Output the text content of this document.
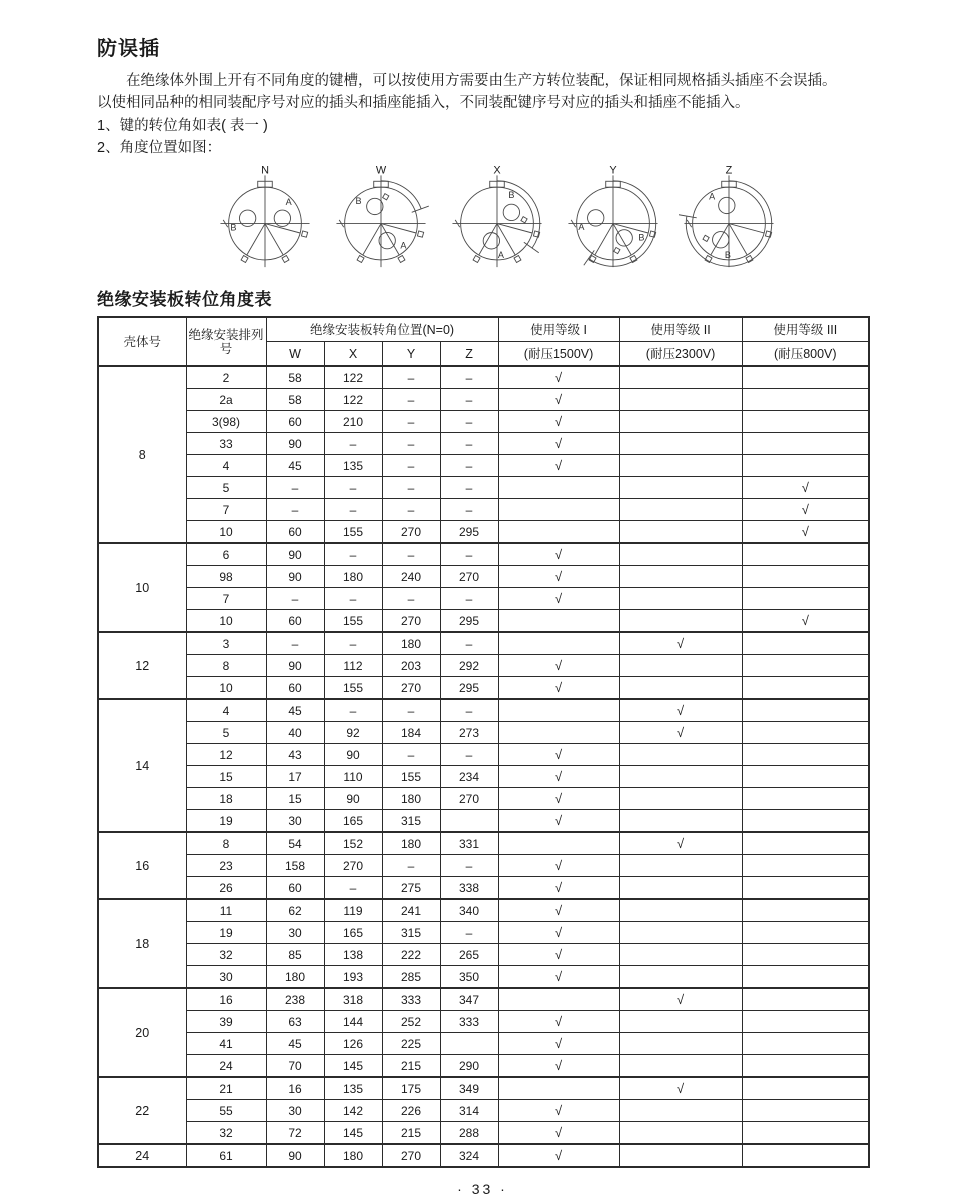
防误插

在绝缘体外围上开有不同角度的键槽，可以按使用方需要由生产方转位装配，保证相同规格插头插座不会误插。
以使相同品种的相同装配序号对应的插头和插座能插入，不同装配键序号对应的插头和插座不能插入。

1、键的转位角如表( 表一 )
2、角度位置如图：
N
A
B
W
A
B
X
A
B
Y
A
B
Z
A
B
绝缘安装板转位角度表
壳体号	绝缘安装排列号	绝缘安装板转角位置(N=0)				使用等级 I	使用等级 II	使用等级 III
		W	X	Y	Z	(耐压1500V)	(耐压2300V)	(耐压800V)
8	2	58	122	–	–	√		
	2a	58	122	–	–	√		
	3(98)	60	210	–	–	√		
	33	90	–	–	–	√		
	4	45	135	–	–	√		
	5	–	–	–	–			√
	7	–	–	–	–			√
	10	60	155	270	295			√
10	6	90	–	–	–	√		
	98	90	180	240	270	√		
	7	–	–	–	–	√		
	10	60	155	270	295			√
12	3	–	–	180	–		√	
	8	90	112	203	292	√		
	10	60	155	270	295	√		
14	4	45	–	–	–		√	
	5	40	92	184	273		√	
	12	43	90	–	–	√		
	15	17	110	155	234	√		
	18	15	90	180	270	√		
	19	30	165	315		√		
16	8	54	152	180	331		√	
	23	158	270	–	–	√		
	26	60	–	275	338	√		
18	11	62	119	241	340	√		
	19	30	165	315	–	√		
	32	85	138	222	265	√		
	30	180	193	285	350	√		
20	16	238	318	333	347		√	
	39	63	144	252	333	√		
	41	45	126	225		√		
	24	70	145	215	290	√		
22	21	16	135	175	349		√	
	55	30	142	226	314	√		
	32	72	145	215	288	√		
24	61	90	180	270	324	√		
· 33 ·
